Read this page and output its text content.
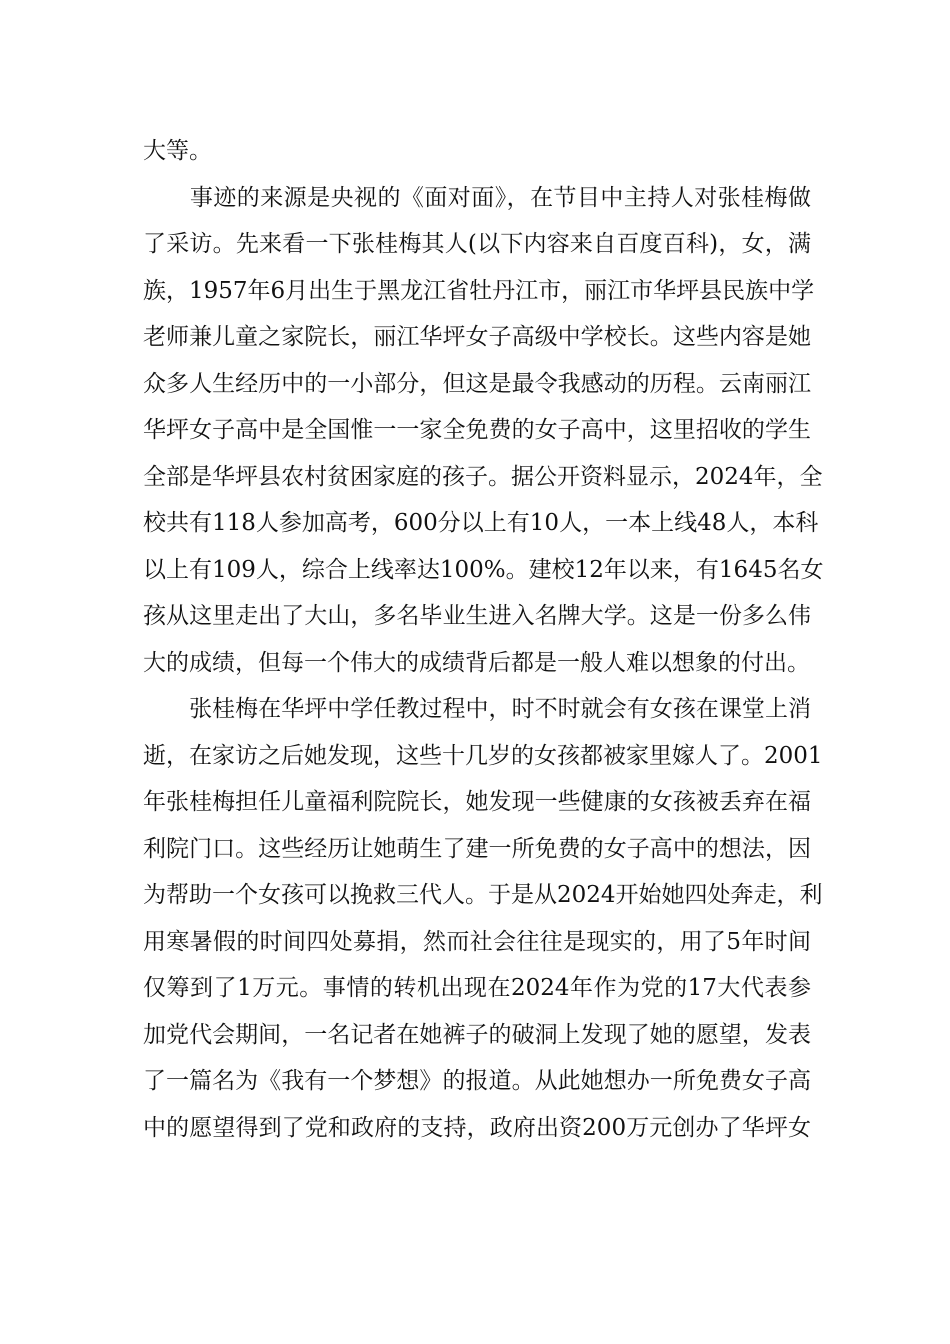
大等。
　　事迹的来源是央视的《面对面》，在节目中主持人对张桂梅做
了采访。先来看一下张桂梅其人(以下内容来自百度百科)，女，满
族，1957年6月出生于黑龙江省牡丹江市，丽江市华坪县民族中学
老师兼儿童之家院长，丽江华坪女子高级中学校长。这些内容是她
众多人生经历中的一小部分，但这是最令我感动的历程。云南丽江
华坪女子高中是全国惟一一家全免费的女子高中，这里招收的学生
全部是华坪县农村贫困家庭的孩子。据公开资料显示，2024年，全
校共有118人参加高考，600分以上有10人，一本上线48人，本科
以上有109人，综合上线率达100%。建校12年以来，有1645名女
孩从这里走出了大山，多名毕业生进入名牌大学。这是一份多么伟
大的成绩，但每一个伟大的成绩背后都是一般人难以想象的付出。
　　张桂梅在华坪中学任教过程中，时不时就会有女孩在课堂上消
逝，在家访之后她发现，这些十几岁的女孩都被家里嫁人了。2001
年张桂梅担任儿童福利院院长，她发现一些健康的女孩被丢弃在福
利院门口。这些经历让她萌生了建一所免费的女子高中的想法，因
为帮助一个女孩可以挽救三代人。于是从2024开始她四处奔走，利
用寒暑假的时间四处募捐，然而社会往往是现实的，用了5年时间
仅筹到了1万元。事情的转机出现在2024年作为党的17大代表参
加党代会期间，一名记者在她裤子的破洞上发现了她的愿望，发表
了一篇名为《我有一个梦想》的报道。从此她想办一所免费女子高
中的愿望得到了党和政府的支持，政府出资200万元创办了华坪女
